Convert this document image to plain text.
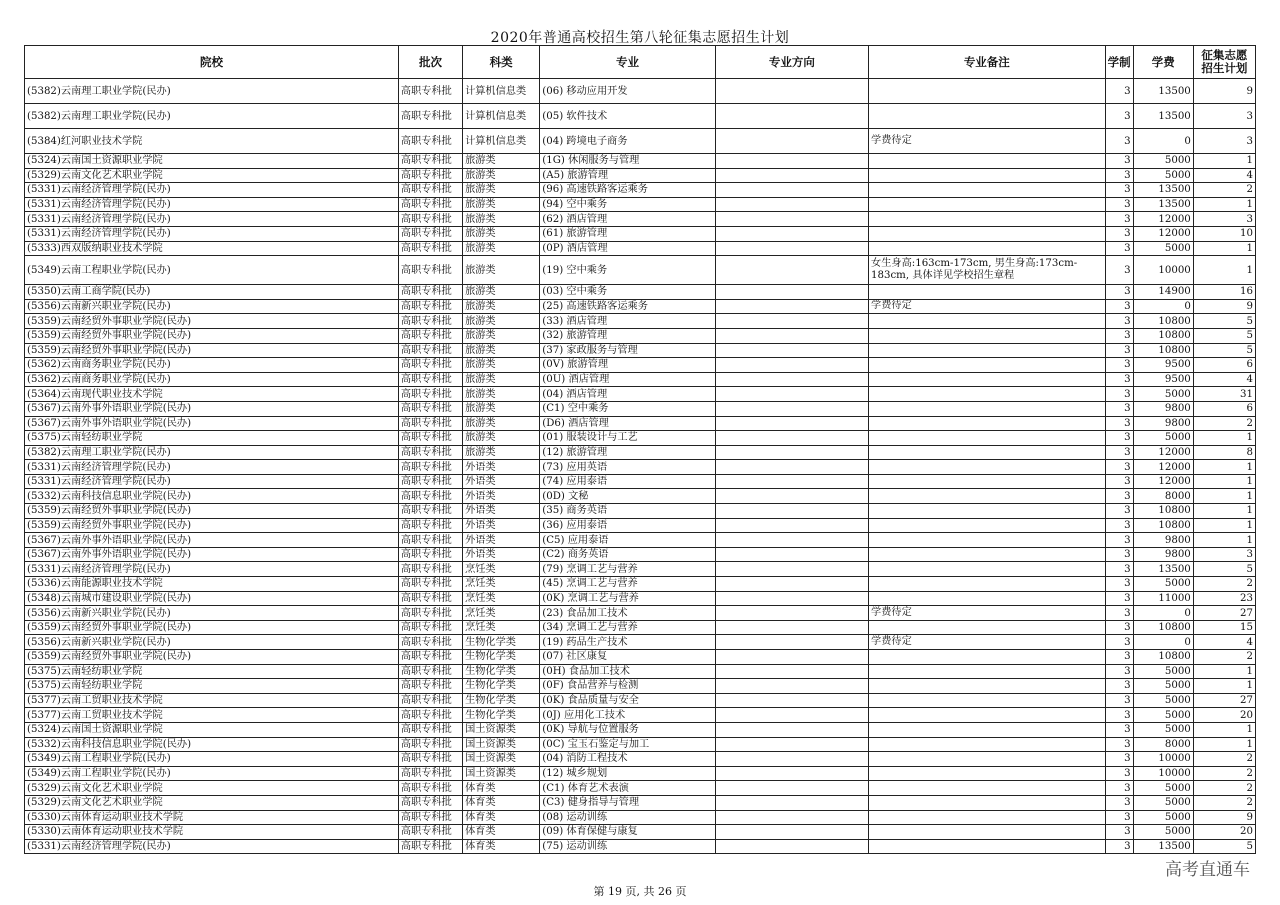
2020年普通高校招生第八轮征集志愿招生计划
院校	批次	科类	专业	专业方向	专业备注	学制	学费	征集志愿
招生计划
(5382)云南理工职业学院(民办)	高职专科批	计算机信息类	(06) 移动应用开发			3	13500	9
(5382)云南理工职业学院(民办)	高职专科批	计算机信息类	(05) 软件技术			3	13500	3
(5384)红河职业技术学院	高职专科批	计算机信息类	(04) 跨境电子商务		学费待定	3	0	3
(5324)云南国土资源职业学院	高职专科批	旅游类	(1G) 休闲服务与管理			3	5000	1
(5329)云南文化艺术职业学院	高职专科批	旅游类	(A5) 旅游管理			3	5000	4
(5331)云南经济管理学院(民办)	高职专科批	旅游类	(96) 高速铁路客运乘务			3	13500	2
(5331)云南经济管理学院(民办)	高职专科批	旅游类	(94) 空中乘务			3	13500	1
(5331)云南经济管理学院(民办)	高职专科批	旅游类	(62) 酒店管理			3	12000	3
(5331)云南经济管理学院(民办)	高职专科批	旅游类	(61) 旅游管理			3	12000	10
(5333)西双版纳职业技术学院	高职专科批	旅游类	(0P) 酒店管理			3	5000	1
(5349)云南工程职业学院(民办)	高职专科批	旅游类	(19) 空中乘务		女生身高:163cm-173cm, 男生身高:173cm-183cm, 具体详见学校招生章程	3	10000	1
(5350)云南工商学院(民办)	高职专科批	旅游类	(03) 空中乘务			3	14900	16
(5356)云南新兴职业学院(民办)	高职专科批	旅游类	(25) 高速铁路客运乘务		学费待定	3	0	9
(5359)云南经贸外事职业学院(民办)	高职专科批	旅游类	(33) 酒店管理			3	10800	5
(5359)云南经贸外事职业学院(民办)	高职专科批	旅游类	(32) 旅游管理			3	10800	5
(5359)云南经贸外事职业学院(民办)	高职专科批	旅游类	(37) 家政服务与管理			3	10800	5
(5362)云南商务职业学院(民办)	高职专科批	旅游类	(0V) 旅游管理			3	9500	6
(5362)云南商务职业学院(民办)	高职专科批	旅游类	(0U) 酒店管理			3	9500	4
(5364)云南现代职业技术学院	高职专科批	旅游类	(04) 酒店管理			3	5000	31
(5367)云南外事外语职业学院(民办)	高职专科批	旅游类	(C1) 空中乘务			3	9800	6
(5367)云南外事外语职业学院(民办)	高职专科批	旅游类	(D6) 酒店管理			3	9800	2
(5375)云南轻纺职业学院	高职专科批	旅游类	(01) 服装设计与工艺			3	5000	1
(5382)云南理工职业学院(民办)	高职专科批	旅游类	(12) 旅游管理			3	12000	8
(5331)云南经济管理学院(民办)	高职专科批	外语类	(73) 应用英语			3	12000	1
(5331)云南经济管理学院(民办)	高职专科批	外语类	(74) 应用泰语			3	12000	1
(5332)云南科技信息职业学院(民办)	高职专科批	外语类	(0D) 文秘			3	8000	1
(5359)云南经贸外事职业学院(民办)	高职专科批	外语类	(35) 商务英语			3	10800	1
(5359)云南经贸外事职业学院(民办)	高职专科批	外语类	(36) 应用泰语			3	10800	1
(5367)云南外事外语职业学院(民办)	高职专科批	外语类	(C5) 应用泰语			3	9800	1
(5367)云南外事外语职业学院(民办)	高职专科批	外语类	(C2) 商务英语			3	9800	3
(5331)云南经济管理学院(民办)	高职专科批	烹饪类	(79) 烹调工艺与营养			3	13500	5
(5336)云南能源职业技术学院	高职专科批	烹饪类	(45) 烹调工艺与营养			3	5000	2
(5348)云南城市建设职业学院(民办)	高职专科批	烹饪类	(0K) 烹调工艺与营养			3	11000	23
(5356)云南新兴职业学院(民办)	高职专科批	烹饪类	(23) 食品加工技术		学费待定	3	0	27
(5359)云南经贸外事职业学院(民办)	高职专科批	烹饪类	(34) 烹调工艺与营养			3	10800	15
(5356)云南新兴职业学院(民办)	高职专科批	生物化学类	(19) 药品生产技术		学费待定	3	0	4
(5359)云南经贸外事职业学院(民办)	高职专科批	生物化学类	(07) 社区康复			3	10800	2
(5375)云南轻纺职业学院	高职专科批	生物化学类	(0H) 食品加工技术			3	5000	1
(5375)云南轻纺职业学院	高职专科批	生物化学类	(0F) 食品营养与检测			3	5000	1
(5377)云南工贸职业技术学院	高职专科批	生物化学类	(0K) 食品质量与安全			3	5000	27
(5377)云南工贸职业技术学院	高职专科批	生物化学类	(0J) 应用化工技术			3	5000	20
(5324)云南国土资源职业学院	高职专科批	国土资源类	(0K) 导航与位置服务			3	5000	1
(5332)云南科技信息职业学院(民办)	高职专科批	国土资源类	(0C) 宝玉石鉴定与加工			3	8000	1
(5349)云南工程职业学院(民办)	高职专科批	国土资源类	(04) 消防工程技术			3	10000	2
(5349)云南工程职业学院(民办)	高职专科批	国土资源类	(12) 城乡规划			3	10000	2
(5329)云南文化艺术职业学院	高职专科批	体育类	(C1) 体育艺术表演			3	5000	2
(5329)云南文化艺术职业学院	高职专科批	体育类	(C3) 健身指导与管理			3	5000	2
(5330)云南体育运动职业技术学院	高职专科批	体育类	(08) 运动训练			3	5000	9
(5330)云南体育运动职业技术学院	高职专科批	体育类	(09) 体育保健与康复			3	5000	20
(5331)云南经济管理学院(民办)	高职专科批	体育类	(75) 运动训练			3	13500	5
第 19 页, 共 26 页
高考直通车
